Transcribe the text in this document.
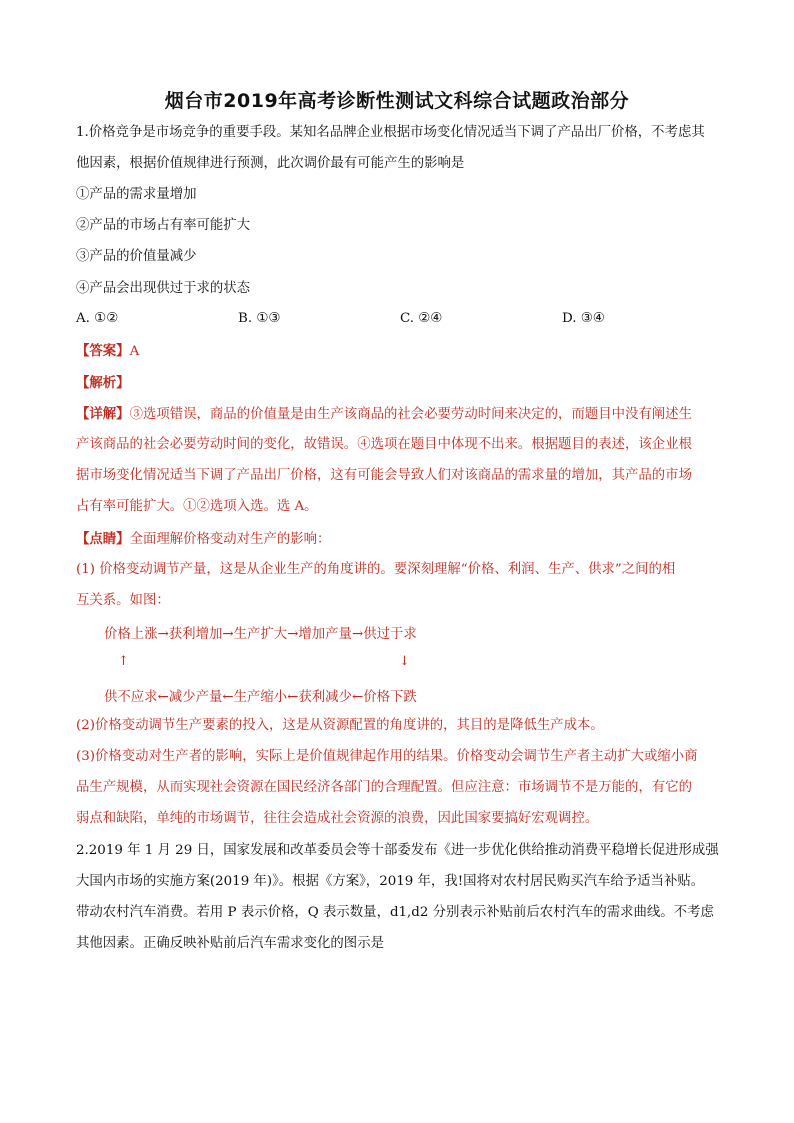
烟台市2019年高考诊断性测试文科综合试题政治部分
1.价格竞争是市场竞争的重要手段。某知名品牌企业根据市场变化情况适当下调了产品出厂价格，不考虑其
他因素，根据价值规律进行预测，此次调价最有可能产生的影响是
①产品的需求量增加
②产品的市场占有率可能扩大
③产品的价值量减少
④产品会出现供过于求的状态
A. ①②	B. ①③	C. ②④	D. ③④
【答案】A
【解析】
【详解】③选项错误，商品的价值量是由生产该商品的社会必要劳动时间来决定的，而题目中没有阐述生
产该商品的社会必要劳动时间的变化，故错误。④选项在题目中体现不出来。根据题目的表述，该企业根
据市场变化情况适当下调了产品出厂价格，这有可能会导致人们对该商品的需求量的增加，其产品的市场
占有率可能扩大。①②选项入选。选 A。
【点睛】全面理解价格变动对生产的影响：
(1) 价格变动调节产量，这是从企业生产的角度讲的。要深刻理解“价格、利润、生产、供求”之间的相
互关系。如图：
价格上涨→获利增加→生产扩大→增加产量→供过于求
↑	↓
供不应求←减少产量←生产缩小←获利减少←价格下跌
(2)价格变动调节生产要素的投入，这是从资源配置的角度讲的，其目的是降低生产成本。
(3)价格变动对生产者的影响，实际上是价值规律起作用的结果。价格变动会调节生产者主动扩大或缩小商
品生产规模，从而实现社会资源在国民经济各部门的合理配置。但应注意：市场调节不是万能的，有它的
弱点和缺陷，单纯的市场调节，往往会造成社会资源的浪费，因此国家要搞好宏观调控。
2.2019 年 1 月 29 日，国家发展和改革委员会等十部委发布《进一步优化供给推动消费平稳增长促进形成强
大国内市场的实施方案(2019 年)》。根据《方案》，2019 年，我!国将对农村居民购买汽车给予适当补贴。
带动农村汽车消费。若用 P 表示价格，Q 表示数量，d1,d2 分别表示补贴前后农村汽车的需求曲线。不考虑
其他因素。正确反映补贴前后汽车需求变化的图示是
